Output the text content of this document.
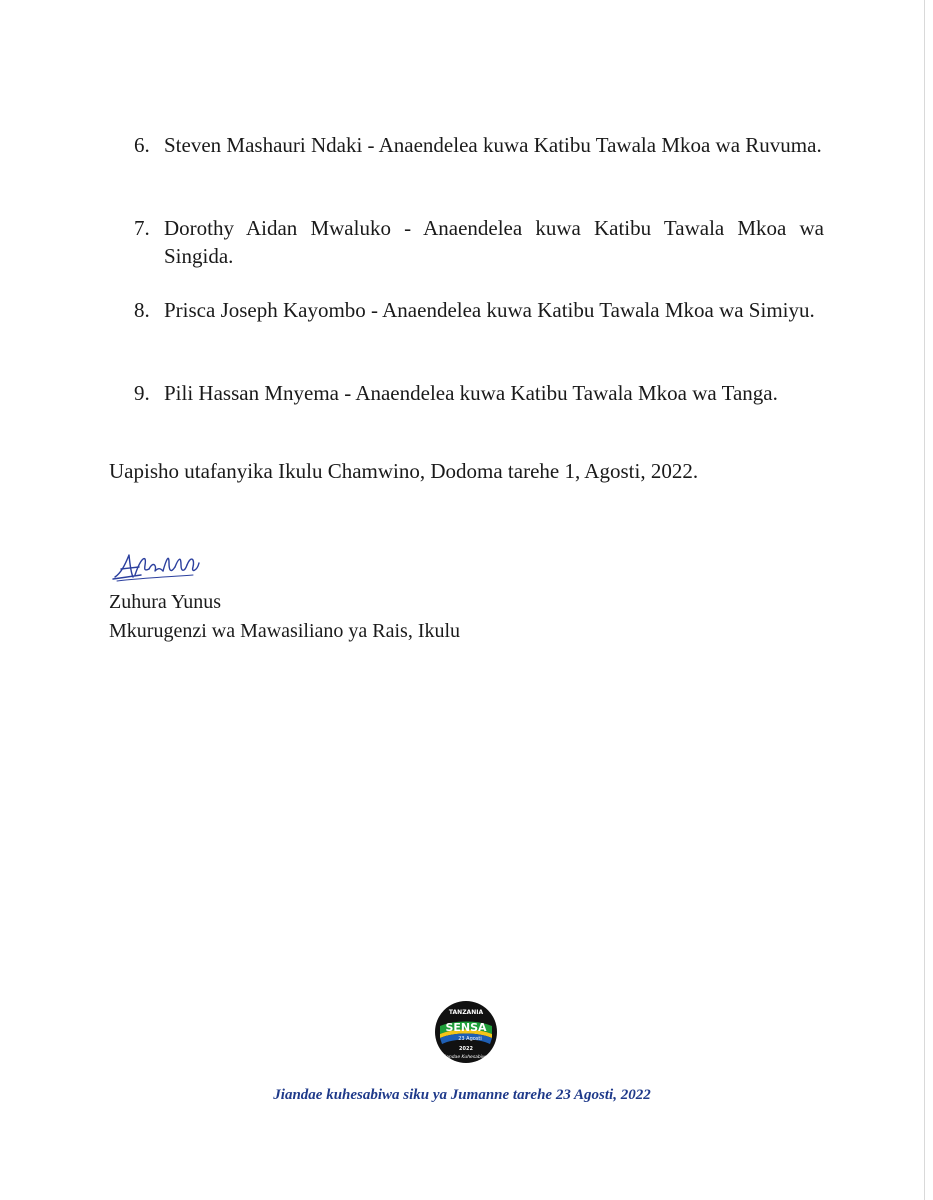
6. Steven Mashauri Ndaki - Anaendelea kuwa Katibu Tawala Mkoa wa Ruvuma.
7. Dorothy Aidan Mwaluko - Anaendelea kuwa Katibu Tawala Mkoa wa Singida.
8. Prisca Joseph Kayombo - Anaendelea kuwa Katibu Tawala Mkoa wa Simiyu.
9. Pili Hassan Mnyema - Anaendelea kuwa Katibu Tawala Mkoa wa Tanga.
Uapisho utafanyika Ikulu Chamwino, Dodoma tarehe 1, Agosti, 2022.
Zuhura Yunus
Mkurugenzi wa Mawasiliano ya Rais, Ikulu
TANZANIA
SENSA
23 Agosti
2022
Jiandae Kuhesabiwa
Jiandae kuhesabiwa siku ya Jumanne tarehe 23 Agosti, 2022
